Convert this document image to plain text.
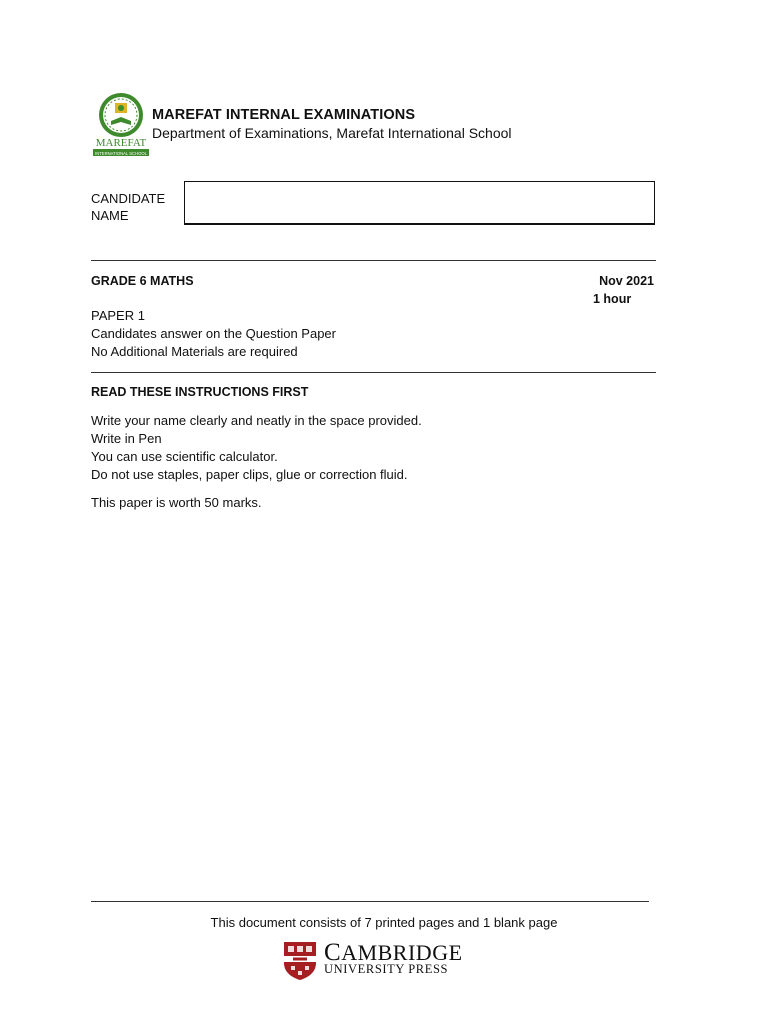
MAREFAT
INTERNATIONAL SCHOOL
MAREFAT INTERNAL EXAMINATIONS
Department of Examinations, Marefat International School
CANDIDATE
NAME
GRADE 6 MATHS	Nov 2021
1 hour
PAPER 1
Candidates answer on the Question Paper
No Additional Materials are required
READ THESE INSTRUCTIONS FIRST
Write your name clearly and neatly in the space provided.
Write in Pen
You can use scientific calculator.
Do not use staples, paper clips, glue or correction fluid.
This paper is worth 50 marks.
This document consists of 7 printed pages and 1 blank page
CAMBRIDGE
UNIVERSITY PRESS
